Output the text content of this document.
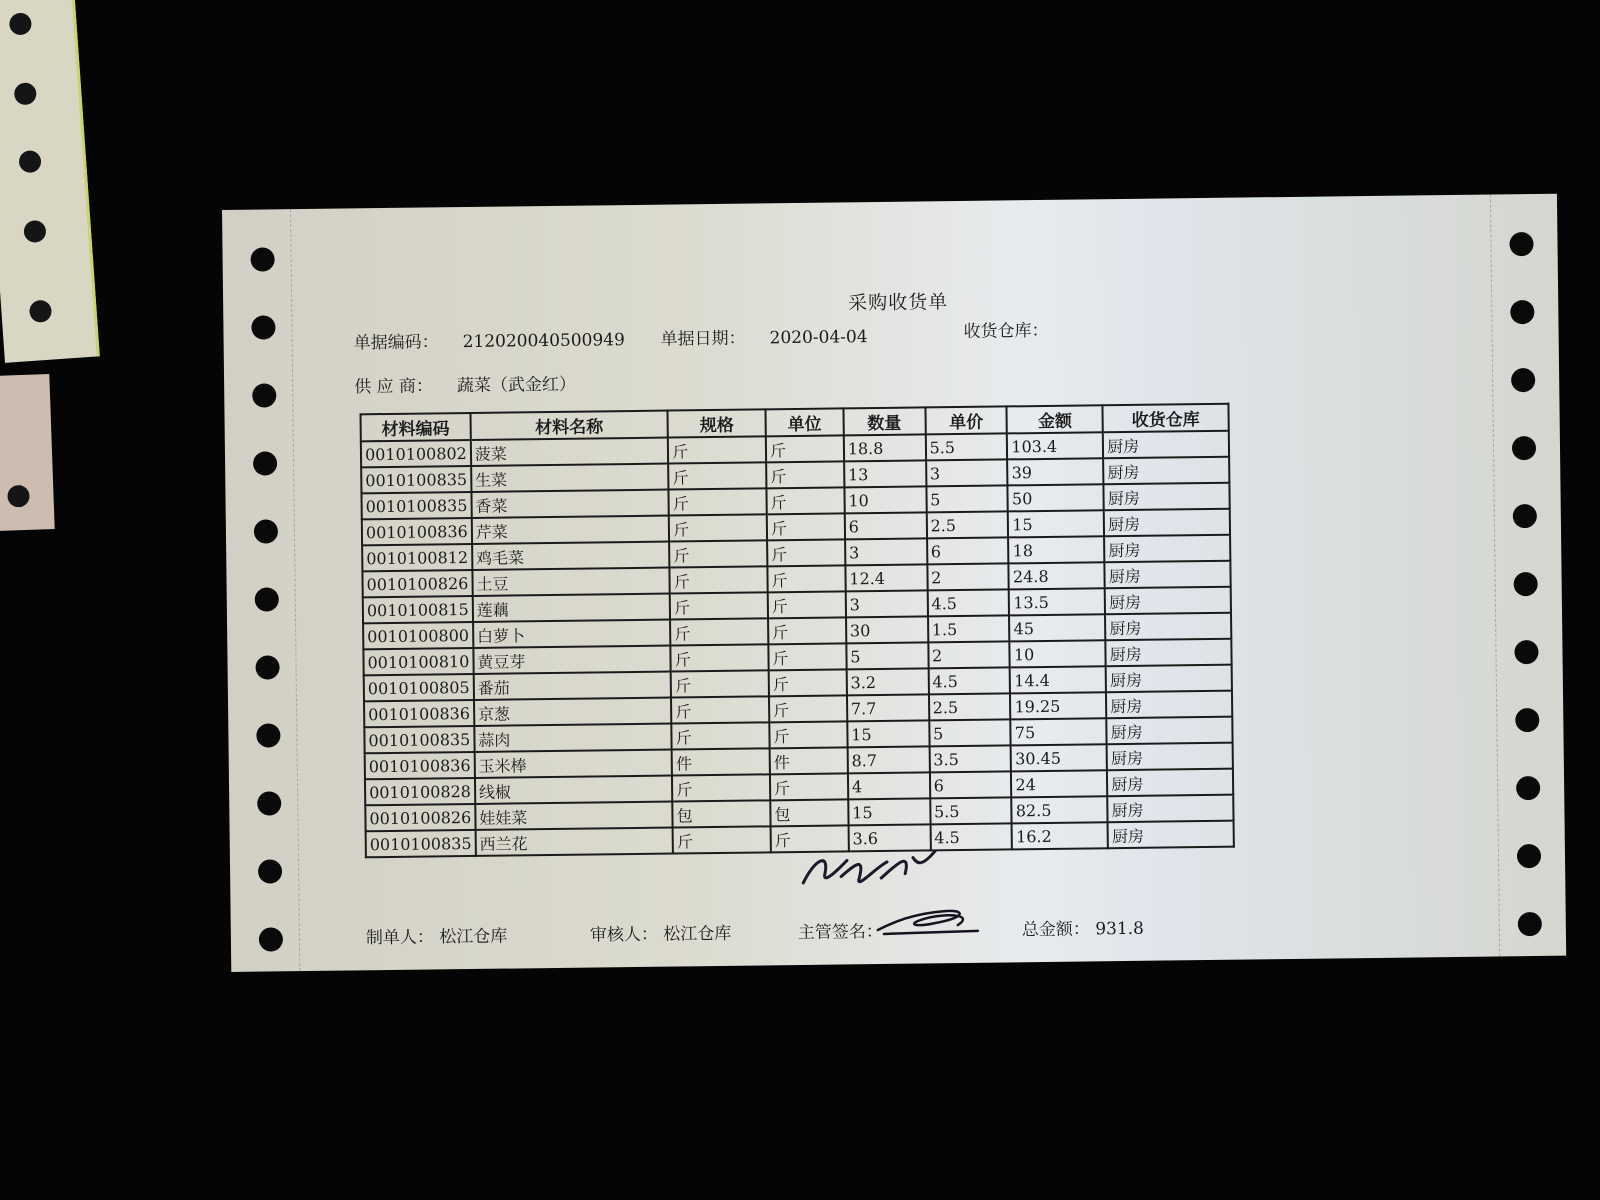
采购收货单
单据编码： 212020040500949 单据日期： 2020-04-04	收货仓库：
供 应 商： 蔬菜（武金红）
材料编码	材料名称	规格	单位	数量	单价	金额	收货仓库
0010100802	菠菜	斤	斤	18.8	5.5	103.4	厨房
0010100835	生菜	斤	斤	13	3	39	厨房
0010100835	香菜	斤	斤	10	5	50	厨房
0010100836	芹菜	斤	斤	6	2.5	15	厨房
0010100812	鸡毛菜	斤	斤	3	6	18	厨房
0010100826	土豆	斤	斤	12.4	2	24.8	厨房
0010100815	莲藕	斤	斤	3	4.5	13.5	厨房
0010100800	白萝卜	斤	斤	30	1.5	45	厨房
0010100810	黄豆芽	斤	斤	5	2	10	厨房
0010100805	番茄	斤	斤	3.2	4.5	14.4	厨房
0010100836	京葱	斤	斤	7.7	2.5	19.25	厨房
0010100835	蒜肉	斤	斤	15	5	75	厨房
0010100836	玉米棒	件	件	8.7	3.5	30.45	厨房
0010100828	线椒	斤	斤	4	6	24	厨房
0010100826	娃娃菜	包	包	15	5.5	82.5	厨房
0010100835	西兰花	斤	斤	3.6	4.5	16.2	厨房
制单人： 松江仓库	审核人： 松江仓库	主管签名：	总金额： 931.8
